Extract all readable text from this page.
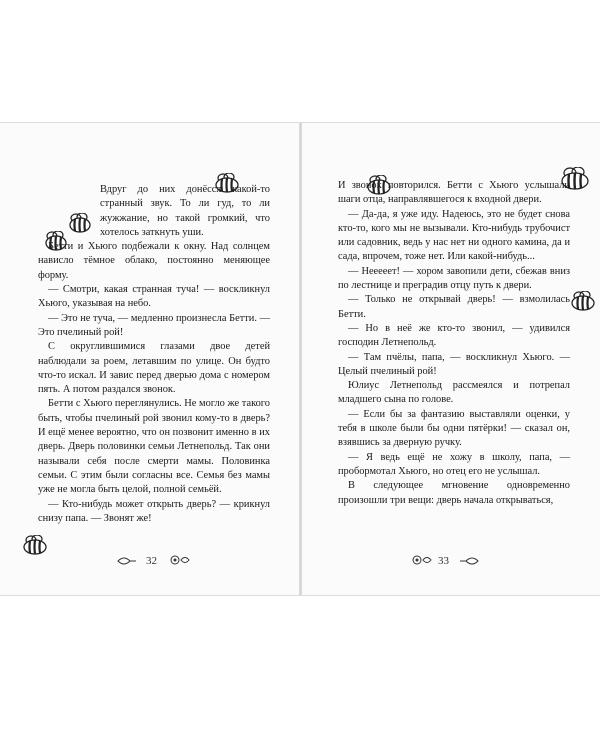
Вдруг до них донёсся какой-то странный звук. То ли гуд, то ли жужжание, но такой громкий, что хотелось заткнуть уши.

Бетти и Хьюго подбежали к окну. Над солнцем нависло тёмное облако, постоянно меняющее форму.

— Смотри, какая странная туча! — воскликнул Хьюго, указывая на небо.

— Это не туча, — медленно произнесла Бетти. — Это пчелиный рой!

С округлившимися глазами двое детей наблюдали за роем, летавшим по улице. Он будто что-то искал. И завис перед дверью дома с номером пять. А потом раздался звонок.

Бетти с Хьюго переглянулись. Не могло же такого быть, чтобы пчелиный рой звонил кому-то в дверь? И ещё менее вероятно, что он позвонит именно в их дверь. Дверь половинки семьи Летнепольд. Так они называли себя после смерти мамы. Половинка семьи. С этим были согласны все. Семья без мамы уже не могла быть целой, полной семьёй.

— Кто-нибудь может открыть дверь? — крикнул снизу папа. — Звонят же!

32

И звонок повторился. Бетти с Хьюго услышали шаги отца, направлявшегося к входной двери.

— Да-да, я уже иду. Надеюсь, это не будет снова кто-то, кого мы не вызывали. Кто-нибудь трубочист или садовник, ведь у нас нет ни одного камина, да и сада, впрочем, тоже нет. Или какой-нибудь...

— Нееееет! — хором завопили дети, сбежав вниз по лестнице и преградив отцу путь к двери.

— Только не открывай дверь! — взмолилась Бетти.

— Но в неё же кто-то звонил, — удивился господин Летнепольд.

— Там пчёлы, папа, — воскликнул Хьюго. — Целый пчелиный рой!

Юлиус Летнепольд рассмеялся и потрепал младшего сына по голове.

— Если бы за фантазию выставляли оценки, у тебя в школе были бы одни пятёрки! — сказал он, взявшись за дверную ручку.

— Я ведь ещё не хожу в школу, папа, — пробормотал Хьюго, но отец его не услышал.

В следующее мгновение одновременно произошли три вещи: дверь начала открываться,

33
